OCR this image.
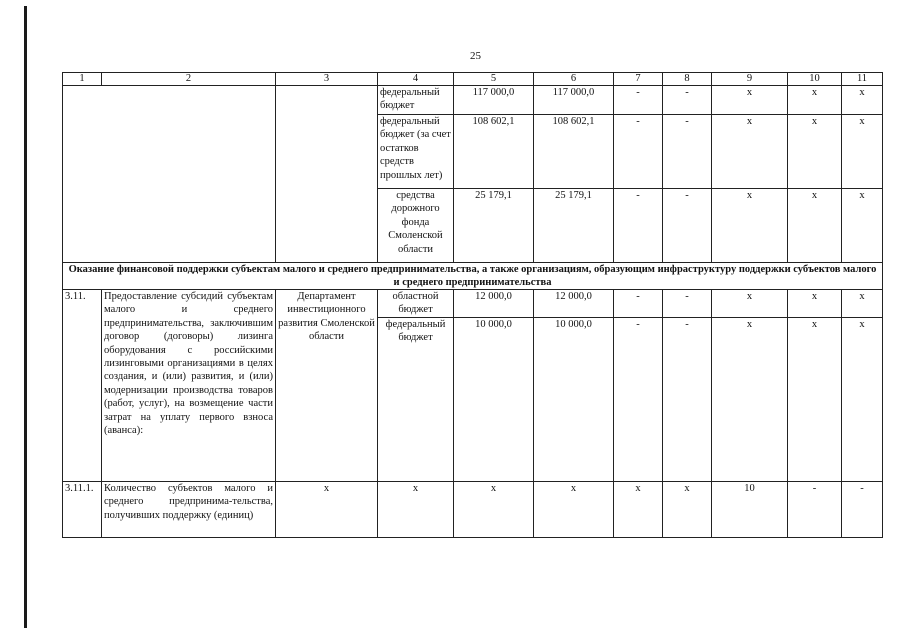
25
1	2	3	4	5	6	7	8	9	10	11
			федеральный бюджет	117 000,0	117 000,0	-	-	x	x	x
			федеральный бюджет (за счет остатков средств прошлых лет)	108 602,1	108 602,1	-	-	x	x	x
			средства дорожного фонда Смоленской области	25 179,1	25 179,1	-	-	x	x	x
Оказание финансовой поддержки субъектам малого и среднего предпринимательства, а также организациям, образующим инфраструктуру поддержки субъектов малого и среднего предпринимательства										
3.11.	Предоставление субсидий субъектам малого и среднего предпринимательства, заключившим договор (договоры) лизинга оборудования с российскими лизинговыми организациями в целях создания, и (или) развития, и (или) модернизации производства товаров (работ, услуг), на возмещение части затрат на уплату первого взноса (аванса):	Департамент инвестиционного развития Смоленской области	областной бюджет	12 000,0	12 000,0	-	-	x	x	x
			федеральный бюджет	10 000,0	10 000,0	-	-	x	x	x
3.11.1.	Количество субъектов малого и среднего предпринима-тельства, получивших поддержку (единиц)	x	x	x	x	x	x	10	-	-
